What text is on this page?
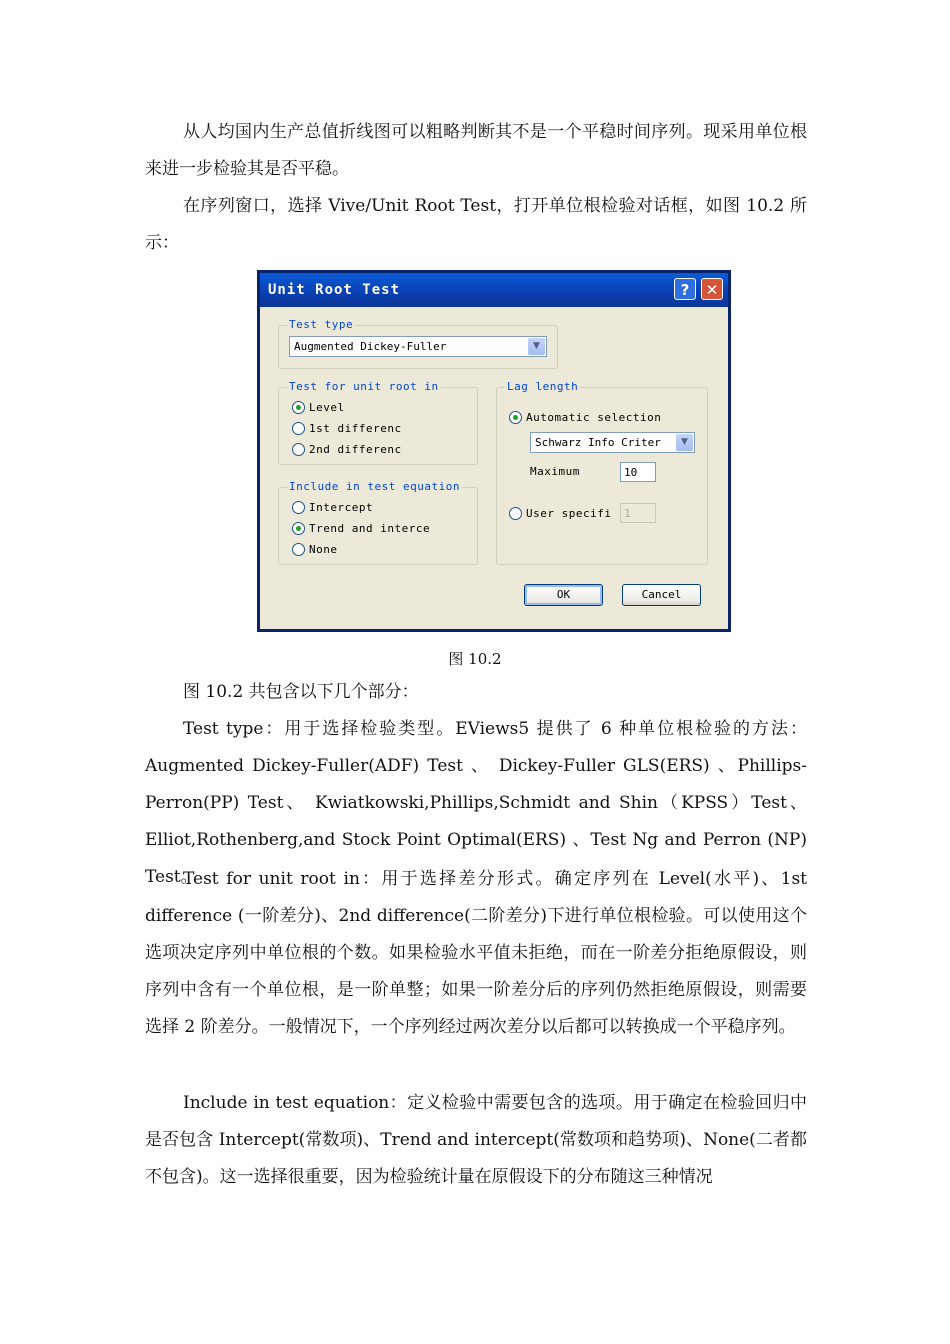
从人均国内生产总值折线图可以粗略判断其不是一个平稳时间序列。现采用单位根来进一步检验其是否平稳。
在序列窗口，选择 Vive/Unit Root Test，打开单位根检验对话框，如图 10.2 所示：
Unit Root Test	?	✕
Test type
Augmented Dickey-Fuller	▼
Test for unit root in
Level
1st differenc
2nd differenc
Include in test equation
Intercept
Trend and interce
None
Lag length
Automatic selection
Schwarz Info Criter	▼
Maximum	10
User specifi	1
OK	Cancel
图 10.2
图 10.2 共包含以下几个部分：
Test type：用于选择检验类型。EViews5 提供了 6 种单位根检验的方法：Augmented Dickey-Fuller(ADF) Test 、 Dickey-Fuller GLS(ERS) 、Phillips-Perron(PP) Test、 Kwiatkowski,Phillips,Schmidt and Shin（KPSS）Test、Elliot,Rothenberg,and Stock Point Optimal(ERS) 、Test Ng and Perron (NP) Test。
Test for unit root in：用于选择差分形式。确定序列在 Level(水平)、1st difference (一阶差分)、2nd difference(二阶差分)下进行单位根检验。可以使用这个选项决定序列中单位根的个数。如果检验水平值未拒绝，而在一阶差分拒绝原假设，则序列中含有一个单位根，是一阶单整；如果一阶差分后的序列仍然拒绝原假设，则需要选择 2 阶差分。一般情况下，一个序列经过两次差分以后都可以转换成一个平稳序列。
Include in test equation：定义检验中需要包含的选项。用于确定在检验回归中是否包含 Intercept(常数项)、Trend and intercept(常数项和趋势项)、None(二者都不包含)。这一选择很重要，因为检验统计量在原假设下的分布随这三种情况
